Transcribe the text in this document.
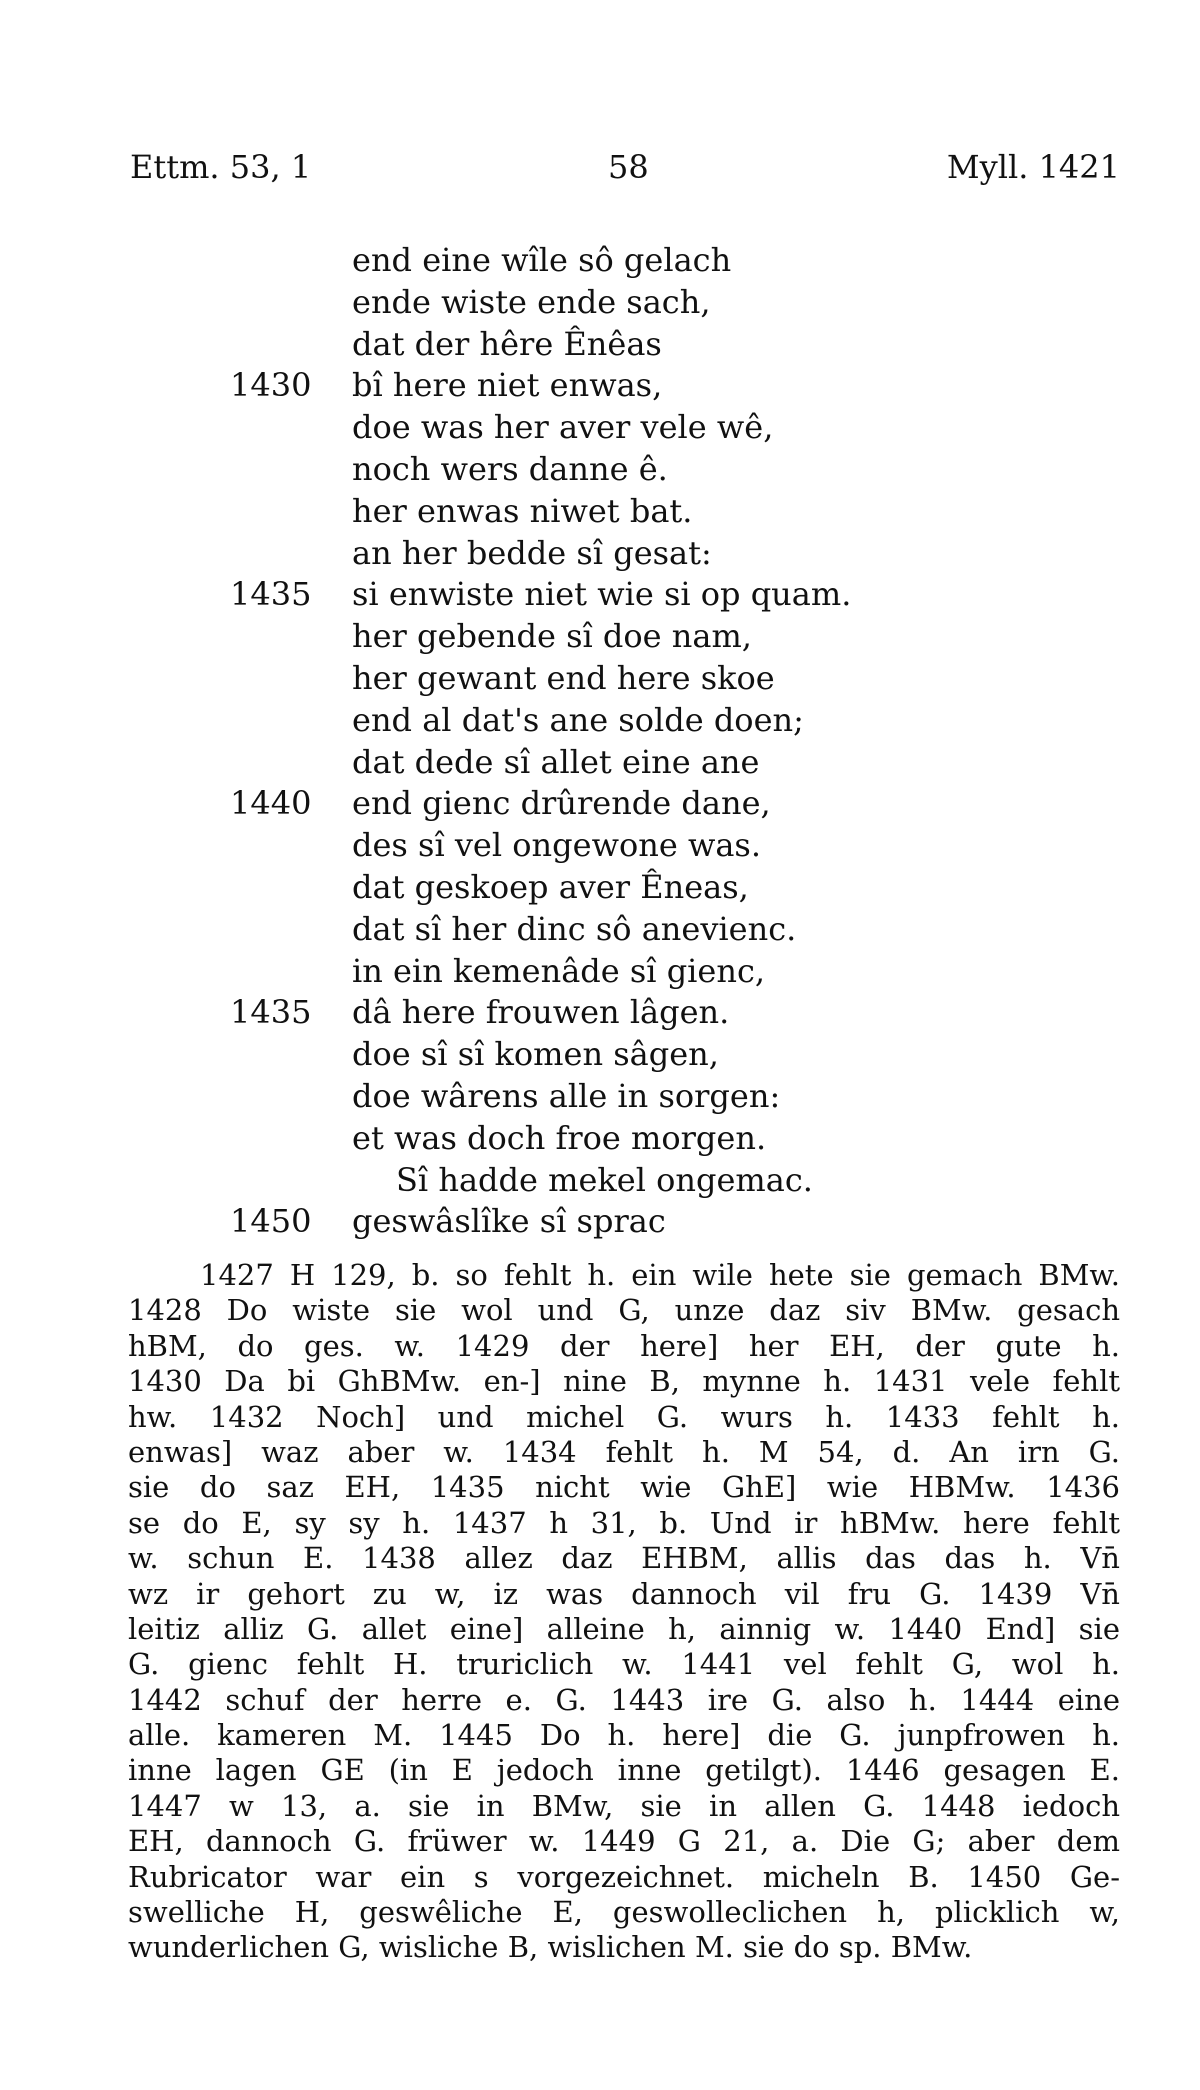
Ettm. 53, 1	58	Myll. 1421
end eine wîle sô gelach
ende wiste ende sach,
dat der hêre Ênêas
1430 bî here niet enwas,
doe was her aver vele wê,
noch wers danne ê.
her enwas niwet bat.
an her bedde sî gesat:
1435 si enwiste niet wie si op quam.
her gebende sî doe nam,
her gewant end here skoe
end al dat's ane solde doen;
dat dede sî allet eine ane
1440 end gienc drûrende dane,
des sî vel ongewone was.
dat geskoep aver Êneas,
dat sî her dinc sô anevienc.
in ein kemenâde sî gienc,
1435 dâ here frouwen lâgen.
doe sî sî komen sâgen,
doe wârens alle in sorgen:
et was doch froe morgen.
Sî hadde mekel ongemac.
1450 geswâslîke sî sprac
1427 H 129, b. so fehlt h. ein wile hete sie gemach BMw.
1428 Do wiste sie wol und G, unze daz siv BMw. gesach
hBM, do ges. w. 1429 der here] her EH, der gute h.
1430 Da bi GhBMw. en-] nine B, mynne h. 1431 vele fehlt
hw. 1432 Noch] und michel G. wurs h. 1433 fehlt h.
enwas] waz aber w. 1434 fehlt h. M 54, d. An irn G.
sie do saz EH, 1435 nicht wie GhE] wie HBMw. 1436
se do E, sy sy h. 1437 h 31, b. Und ir hBMw. here fehlt
w. schun E. 1438 allez daz EHBM, allis das das h. Vn̄
wz ir gehort zu w, iz was dannoch vil fru G. 1439 Vn̄
leitiz alliz G. allet eine] alleine h, ainnig w. 1440 End] sie
G. gienc fehlt H. truriclich w. 1441 vel fehlt G, wol h.
1442 schuf der herre e. G. 1443 ire G. also h. 1444 eine
alle. kameren M. 1445 Do h. here] die G. junpfrowen h.
inne lagen GE (in E jedoch inne getilgt). 1446 gesagen E.
1447 w 13, a. sie in BMw, sie in allen G. 1448 iedoch
EH, dannoch G. früwer w. 1449 G 21, a. Die G; aber dem
Rubricator war ein s vorgezeichnet. micheln B. 1450 Ge-
swelliche H, geswêliche E, geswolleclichen h, plicklich w,
wunderlichen G, wisliche B, wislichen M. sie do sp. BMw.
